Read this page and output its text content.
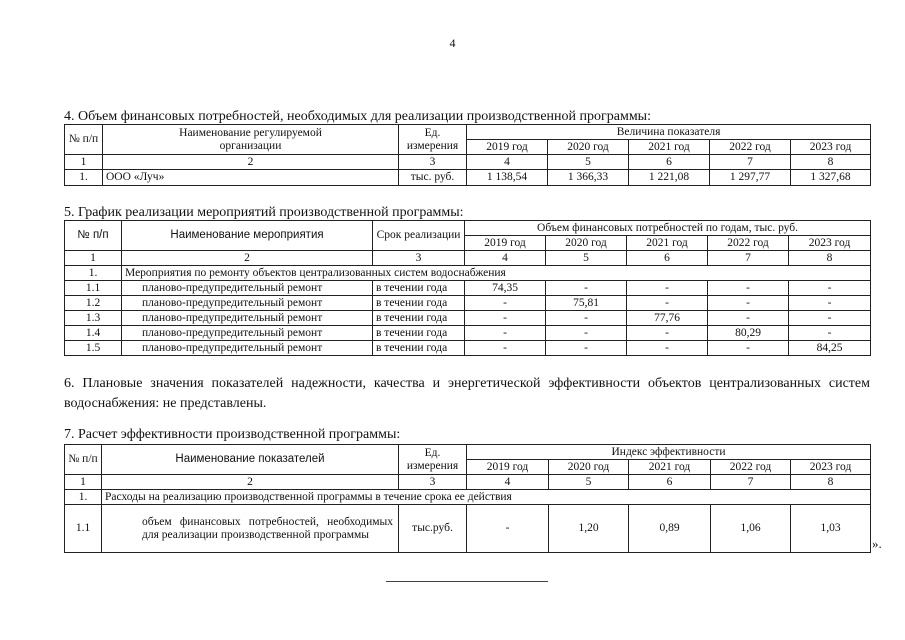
4
4. Объем финансовых потребностей, необходимых для реализации производственной программы:
№ п/п	Наименование регулируемой организации	Ед. измерения	Величина показателя				
			2019 год	2020 год	2021 год	2022 год	2023 год
1	2	3	4	5	6	7	8
1.	ООО «Луч»	тыс. руб.	1 138,54	1 366,33	1 221,08	1 297,77	1 327,68
5. График реализации мероприятий производственной программы:
№ п/п	Наименование мероприятия	Срок реализации	Объем финансовых потребностей по годам, тыс. руб.				
			2019 год	2020 год	2021 год	2022 год	2023 год
1	2	3	4	5	6	7	8
1.	Мероприятия по ремонту объектов централизованных систем водоснабжения						
1.1	планово-предупредительный ремонт	в течении года	74,35	-	-	-	-
1.2	планово-предупредительный ремонт	в течении года	-	75,81	-	-	-
1.3	планово-предупредительный ремонт	в течении года	-	-	77,76	-	-
1.4	планово-предупредительный ремонт	в течении года	-	-	-	80,29	-
1.5	планово-предупредительный ремонт	в течении года	-	-	-	-	84,25
6. Плановые значения показателей надежности, качества и энергетической эффективности объектов централизованных систем водоснабжения: не представлены.
7. Расчет эффективности производственной программы:
№ п/п	Наименование показателей	Ед. измерения	Индекс эффективности				
			2019 год	2020 год	2021 год	2022 год	2023 год
1	2	3	4	5	6	7	8
1.	Расходы на реализацию производственной программы в течение срока ее действия						
1.1	объем финансовых потребностей, необходимых для реализации производственной программы	тыс.руб.	-	1,20	0,89	1,06	1,03
».
